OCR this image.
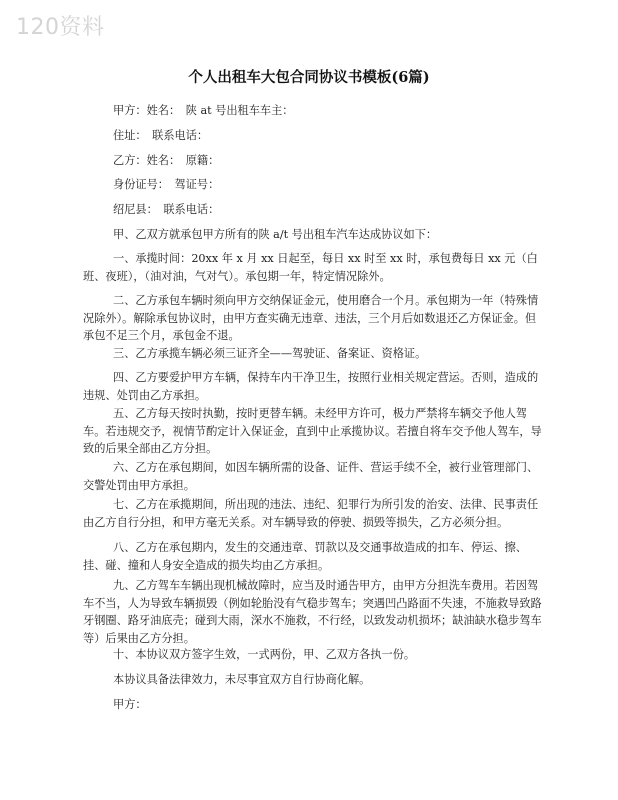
120资料
个人出租车大包合同协议书模板(6篇)
甲方：姓名：　陕 at 号出租车车主：
住址：　联系电话：
乙方：姓名：　原籍：
身份证号：　驾证号：
绍尼县：　联系电话：
甲、乙双方就承包甲方所有的陕 a/t 号出租车汽车达成协议如下：
一、承揽时间：20xx 年 x 月 xx 日起至，每日 xx 时至 xx 时，承包费每日 xx 元（白班、夜班），（油对油，气对气）。承包期一年，特定情况除外。
二、乙方承包车辆时须向甲方交纳保证金元，使用磨合一个月。承包期为一年（特殊情况除外）。解除承包协议时，由甲方查实确无违章、违法，三个月后如数退还乙方保证金。但承包不足三个月，承包金不退。
三、乙方承揽车辆必须三证齐全——驾驶证、备案证、资格证。
四、乙方要爱护甲方车辆，保持车内干净卫生，按照行业相关规定营运。否则，造成的违规、处罚由乙方承担。
五、乙方每天按时执勤，按时更替车辆。未经甲方许可，极力严禁将车辆交予他人驾车。若违规交予，视情节酌定计入保证金，直到中止承揽协议。若擅自将车交予他人驾车，导致的后果全部由乙方分担。
六、乙方在承包期间，如因车辆所需的设备、证件、营运手续不全，被行业管理部门、交警处罚由甲方承担。
七、乙方在承揽期间，所出现的违法、违纪、犯罪行为所引发的治安、法律、民事责任由乙方自行分担，和甲方毫无关系。对车辆导致的停驶、损毁等损失，乙方必须分担。
八、乙方在承包期内，发生的交通违章、罚款以及交通事故造成的扣车、停运、擦、挂、碰、撞和人身安全造成的损失均由乙方承担。
九、乙方驾车车辆出现机械故障时，应当及时通告甲方，由甲方分担洗车费用。若因驾车不当，人为导致车辆损毁（例如轮胎没有气稳步驾车；突遇凹凸路面不失速，不施救导致路牙钢圈、路牙油底壳；碰到大雨，深水不施救，不行经，以致发动机损坏；缺油缺水稳步驾车等）后果由乙方分担。
十、本协议双方签字生效，一式两份，甲、乙双方各执一份。
本协议具备法律效力，未尽事宜双方自行协商化解。
甲方：
